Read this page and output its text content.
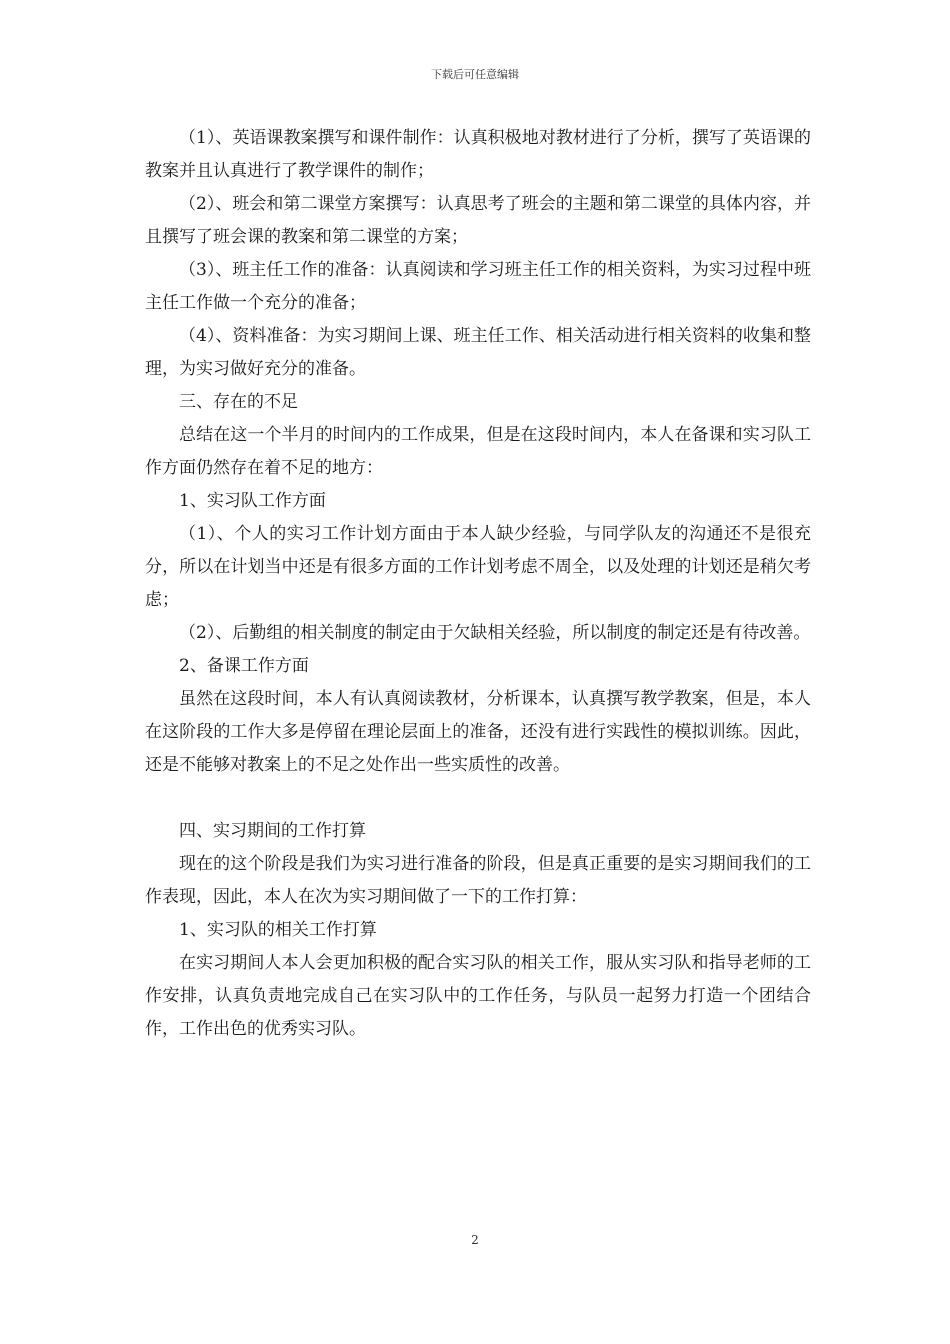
下载后可任意编辑

（1）、英语课教案撰写和课件制作：认真积极地对教材进行了分析，撰写了英语课的教案并且认真进行了教学课件的制作；

（2）、班会和第二课堂方案撰写：认真思考了班会的主题和第二课堂的具体内容，并且撰写了班会课的教案和第二课堂的方案；

（3）、班主任工作的准备：认真阅读和学习班主任工作的相关资料，为实习过程中班主任工作做一个充分的准备；

（4）、资料准备：为实习期间上课、班主任工作、相关活动进行相关资料的收集和整理，为实习做好充分的准备。

三、存在的不足

总结在这一个半月的时间内的工作成果，但是在这段时间内，本人在备课和实习队工作方面仍然存在着不足的地方：

1、实习队工作方面

（1）、个人的实习工作计划方面由于本人缺少经验，与同学队友的沟通还不是很充分，所以在计划当中还是有很多方面的工作计划考虑不周全，以及处理的计划还是稍欠考虑；

（2）、后勤组的相关制度的制定由于欠缺相关经验，所以制度的制定还是有待改善。

2、备课工作方面

虽然在这段时间，本人有认真阅读教材，分析课本，认真撰写教学教案，但是，本人在这阶段的工作大多是停留在理论层面上的准备，还没有进行实践性的模拟训练。因此，还是不能够对教案上的不足之处作出一些实质性的改善。

四、实习期间的工作打算

现在的这个阶段是我们为实习进行准备的阶段，但是真正重要的是实习期间我们的工作表现，因此，本人在次为实习期间做了一下的工作打算：

1、实习队的相关工作打算

在实习期间人本人会更加积极的配合实习队的相关工作，服从实习队和指导老师的工作安排，认真负责地完成自己在实习队中的工作任务，与队员一起努力打造一个团结合作，工作出色的优秀实习队。

2
